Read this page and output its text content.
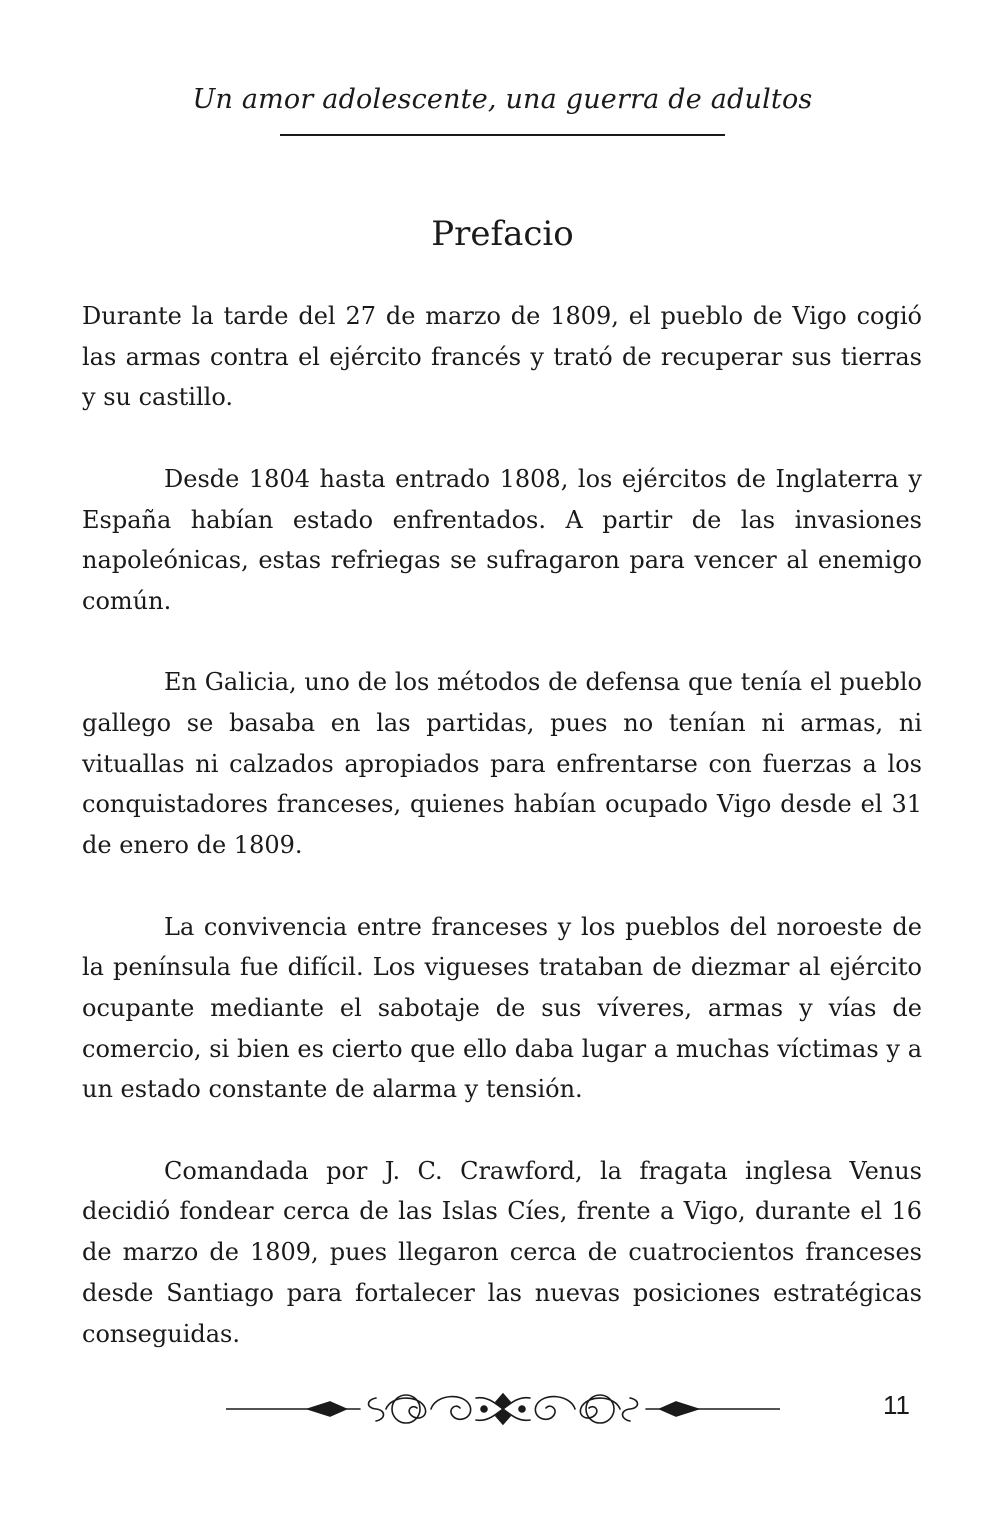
Un amor adolescente, una guerra de adultos
Prefacio

Durante la tarde del 27 de marzo de 1809, el pueblo de Vigo cogió las armas contra el ejército francés y trató de recuperar sus tierras y su castillo.

Desde 1804 hasta entrado 1808, los ejércitos de Inglaterra y España habían estado enfrentados. A partir de las invasiones napoleónicas, estas refriegas se sufragaron para vencer al enemigo común.

En Galicia, uno de los métodos de defensa que tenía el pueblo gallego se basaba en las partidas, pues no tenían ni armas, ni vituallas ni calzados apropiados para enfrentarse con fuerzas a los conquistadores franceses, quienes habían ocupado Vigo desde el 31 de enero de 1809.

La convivencia entre franceses y los pueblos del noroeste de la península fue difícil. Los vigueses trataban de diezmar al ejército ocupante mediante el sabotaje de sus víveres, armas y vías de comercio, si bien es cierto que ello daba lugar a muchas víctimas y a un estado constante de alarma y tensión.

Comandada por J. C. Crawford, la fragata inglesa Venus decidió fondear cerca de las Islas Cíes, frente a Vigo, durante el 16 de marzo de 1809, pues llegaron cerca de cuatrocientos franceses desde Santiago para fortalecer las nuevas posiciones estratégicas conseguidas.

11
